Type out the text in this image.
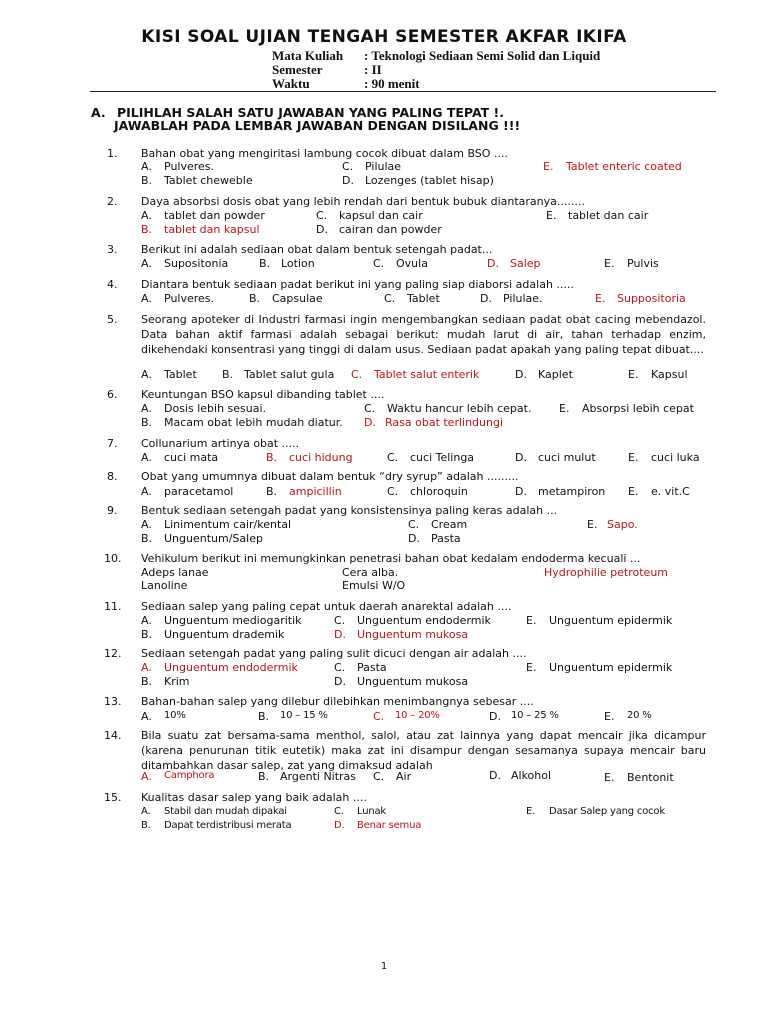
KISI SOAL UJIAN TENGAH SEMESTER AKFAR IKIFA
Mata Kuliah : Teknologi Sediaan Semi Solid dan Liquid
Semester	: II
Waktu	: 90 menit
A. PILIHLAH SALAH SATU JAWABAN YANG PALING TEPAT !.
JAWABLAH PADA LEMBAR JAWABAN DENGAN DISILANG !!!
1. Bahan obat yang mengiritasi lambung cocok dibuat dalam BSO ....
A. Pulveres.	C. Pilulae	E. Tablet enteric coated
B. Tablet cheweble	D. Lozenges (tablet hisap)
2. Daya absorbsi dosis obat yang lebih rendah dari bentuk bubuk diantaranya........
A. tablet dan powder	C. kapsul dan cair	E. tablet dan cair
B. tablet dan kapsul	D. cairan dan powder
3. Berikut ini adalah sediaan obat dalam bentuk setengah padat...
A. Supositonia	B. Lotion	C. Ovula	D. Salep	E. Pulvis
4. Diantara bentuk sediaan padat berikut ini yang paling siap diaborsi adalah .....
A. Pulveres.	B. Capsulae	C. Tablet	D. Pilulae.	E. Suppositoria
5. Seorang apoteker di Industri farmasi ingin mengembangkan sediaan padat obat cacing mebendazol. Data bahan aktif farmasi adalah sebagai berikut: mudah larut di air, tahan terhadap enzim, dikehendaki konsentrasi yang tinggi di dalam usus. Sediaan padat apakah yang paling tepat dibuat....
A. Tablet B. Tablet salut gula C. Tablet salut enterik	D. Kaplet	E. Kapsul
6. Keuntungan BSO kapsul dibanding tablet ....
A. Dosis lebih sesuai.	C. Waktu hancur lebih cepat.	E. Absorpsi lebih cepat
B. Macam obat lebih mudah diatur. D. Rasa obat terlindungi
7. Collunarium artinya obat .....
A. cuci mata	B. cuci hidung	C. cuci Telinga	D. cuci mulut	E. cuci luka
8. Obat yang umumnya dibuat dalam bentuk “dry syrup” adalah .........
A. paracetamol	B. ampicillin	C. chloroquin	D. metampiron E. e. vit.C
9. Bentuk sediaan setengah padat yang konsistensinya paling keras adalah ...
A. Linimentum cair/kental	C. Cream	E. Sapo.
B. Unguentum/Salep	D. Pasta
10. Vehikulum berikut ini memungkinkan penetrasi bahan obat kedalam endoderma kecuali ...
Adeps lanae	Cera alba.	Hydrophilie petroteum
Lanoline	Emulsi W/O
11. Sediaan salep yang paling cepat untuk daerah anarektal adalah ....
A. Unguentum mediogaritik	C. Unguentum endodermik	E. Unguentum epidermik
B. Unguentum drademik	D. Unguentum mukosa
12. Sediaan setengah padat yang paling sulit dicuci dengan air adalah ....
A. Unguentum endodermik	C. Pasta	E. Unguentum epidermik
B. Krim	D. Unguentum mukosa
13. Bahan-bahan salep yang dilebur dilebihkan menimbangnya sebesar ....
A. 10%	B. 10 – 15 %	C. 10 – 20%	D. 10 – 25 %	E. 20 %
14. Bila suatu zat bersama-sama menthol, salol, atau zat lainnya yang dapat mencair jika dicampur (karena penurunan titik eutetik) maka zat ini disampur dengan sesamanya supaya mencair baru ditambahkan dasar salep, zat yang dimaksud adalah
A. Camphora	B. Argenti Nitras C. Air	D. Alkohol	E. Bentonit
15. Kualitas dasar salep yang baik adalah ....
A. Stabil dan mudah dipakai	C. Lunak	E. Dasar Salep yang cocok
B. Dapat terdistribusi merata	D. Benar semua
1
